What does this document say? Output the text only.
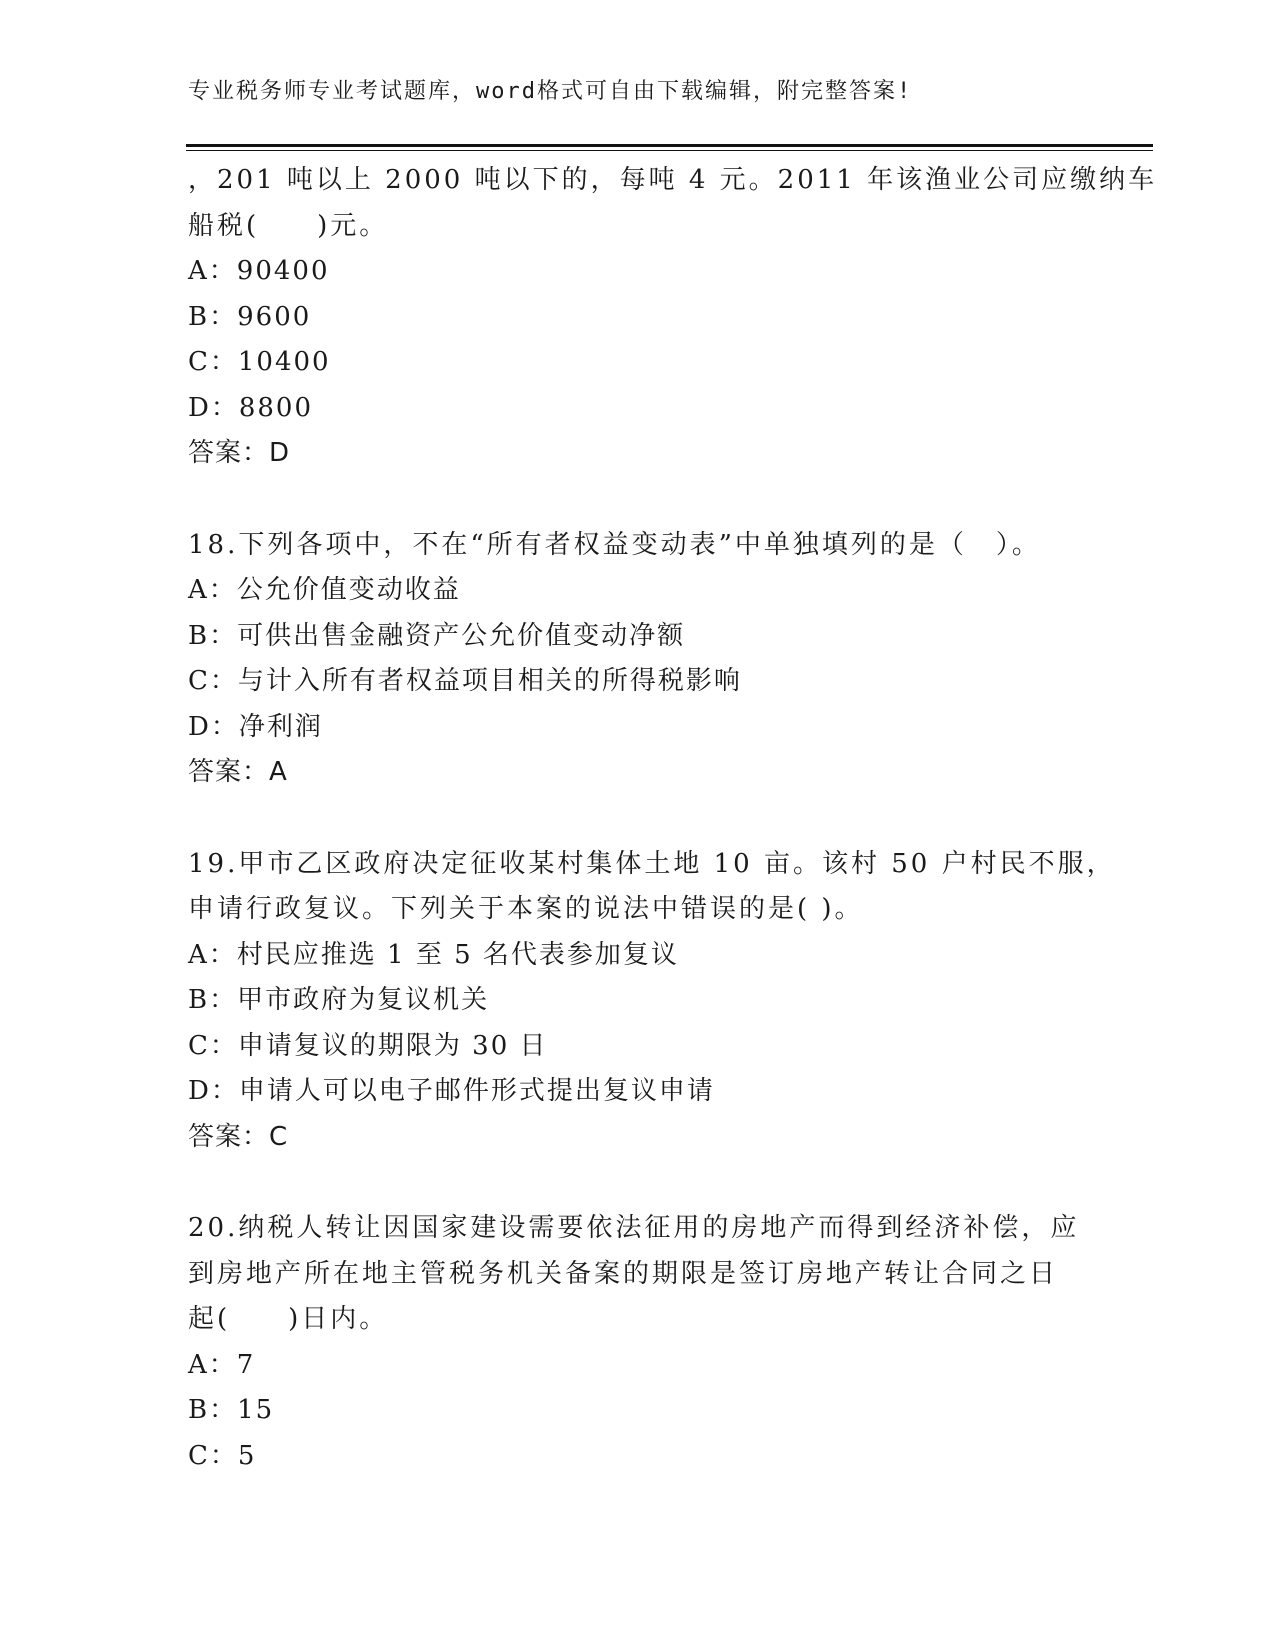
专业税务师专业考试题库，word格式可自由下载编辑，附完整答案!
，201 吨以上 2000 吨以下的，每吨 4 元。2011 年该渔业公司应缴纳车
船税(　　)元。
A：90400
B：9600
C：10400
D：8800
答案：D
18.下列各项中，不在“所有者权益变动表”中单独填列的是（　）。
A：公允价值变动收益
B：可供出售金融资产公允价值变动净额
C：与计入所有者权益项目相关的所得税影响
D：净利润
答案：A
19.甲市乙区政府决定征收某村集体土地 10 亩。该村 50 户村民不服，
申请行政复议。下列关于本案的说法中错误的是( )。
A：村民应推选 1 至 5 名代表参加复议
B：甲市政府为复议机关
C：申请复议的期限为 30 日
D：申请人可以电子邮件形式提出复议申请
答案：C
20.纳税人转让因国家建设需要依法征用的房地产而得到经济补偿，应
到房地产所在地主管税务机关备案的期限是签订房地产转让合同之日
起(　　)日内。
A：7
B：15
C：5
